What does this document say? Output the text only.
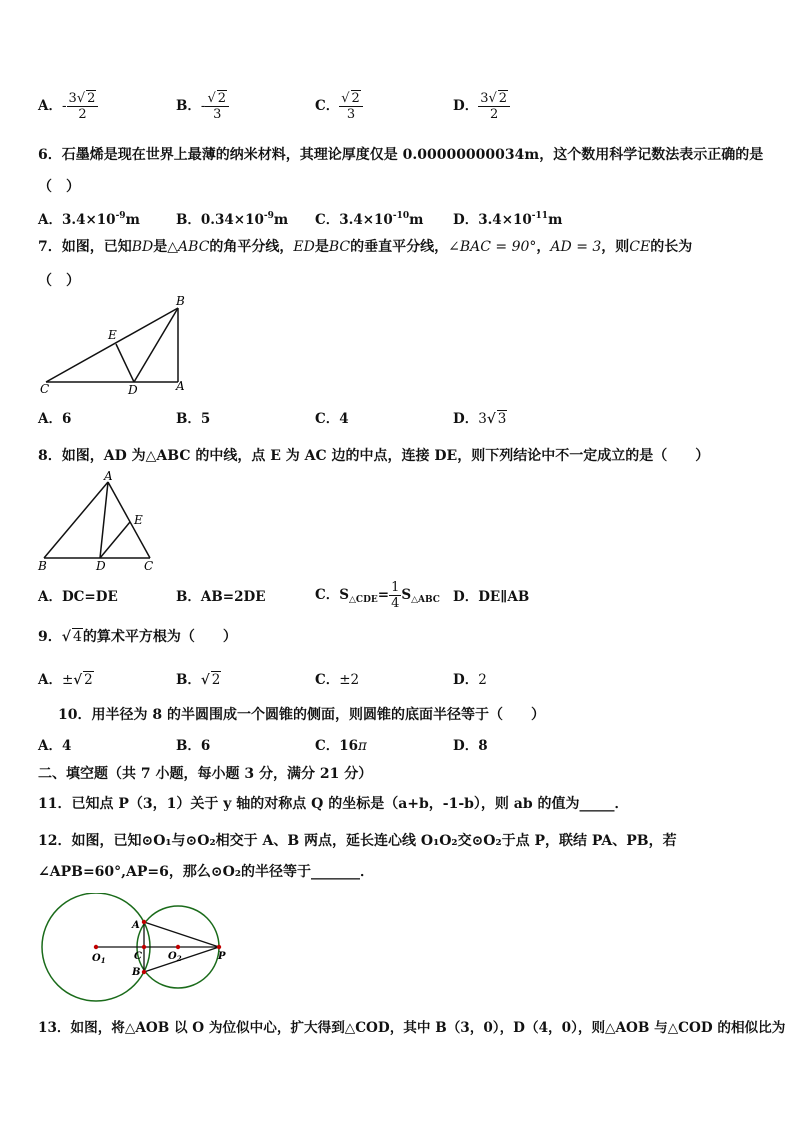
A．- $\frac{3√ 2}{2}$	B．- $\frac{√ 2}{3}$	C． $\frac{√ 2}{3}$	D． $\frac{3√ 2}{2}$
6．石墨烯是现在世界上最薄的纳米材料，其理论厚度仅是 0.00000000034m，这个数用科学记数法表示正确的是
（　）
A．$3.4\times 10^{-9}m$	B．$0.34\times 10^{-9}m$ C．$3.4\times 10^{-10}m$ D．$3.4\times 10^{-11}m$
7．如图，已知BD是△ABC的角平分线，ED是BC的垂直平分线，∠BAC = 90°，AD = 3，则CE的长为
（　）
B
E
C	D	A
A．6	B．5	C．4	D．3√ 3
8．如图，AD 为△ABC 的中线，点 E 为 AC 边的中点，连接 DE，则下列结论中不一定成立的是（　　）
A
E
B	D	C
A．DC=DE	B．AB=2DE	C．$S_{\triangle CDE}= \frac{1}{4} S_{\triangle ABC}$ D．DE∥AB
9．√ 4的算术平方根为（　　）
A．±√ 2	B．√ 2	C．±2	D．2
10．用半径为 8 的半圆围成一个圆锥的侧面，则圆锥的底面半径等于（　　）
A．4	B．6	C．16π	D．8
二、填空题（共 7 小题，每小题 3 分，满分 21 分）
11．已知点 P（3，1）关于 y 轴的对称点 Q 的坐标是（a+b，-1-b），则 ab 的值为_____．
12．如图，已知⊙O₁与⊙O₂相交于 A、B 两点，延长连心线 O₁O₂交⊙O₂于点 P，联结 PA、PB，若
∠APB=60°,AP=6，那么⊙O₂的半径等于_______．
A
B
C
$O_1$	$O_2$	P
13．如图，将△AOB 以 O 为位似中心，扩大得到△COD，其中 B（3，0），D（4，0），则△AOB 与△COD 的相似比为
